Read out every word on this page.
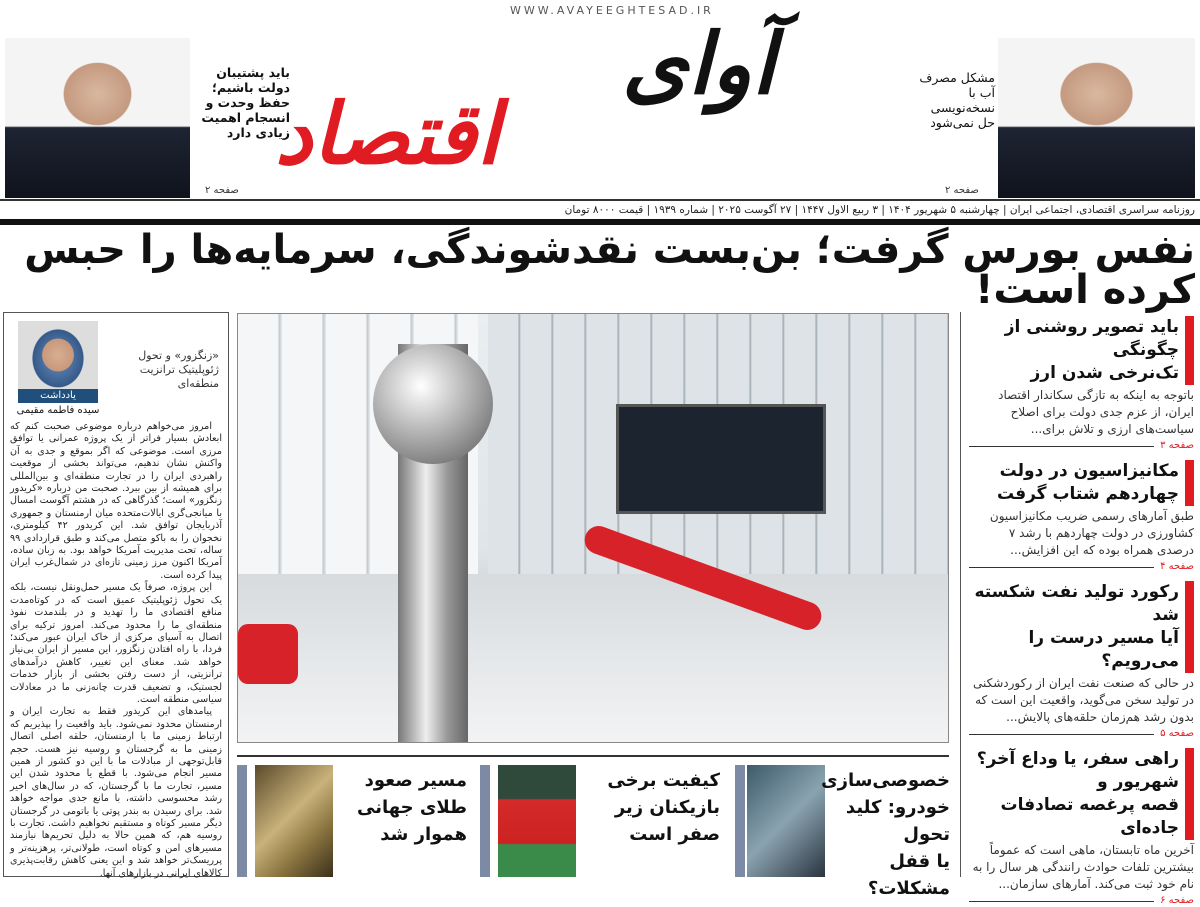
باید پشتیبان دولت باشیم؛ حفظ وحدت و انسجام اهمیت زیادی دارد
صفحه ۲
آوای
اقتصاد
WWW.AVAYEEGHTESAD.IR
مشکل مصرف آب با نسخه‌نویسی حل نمی‌شود
صفحه ۲
روزنامه سراسری اقتصادی، اجتماعی ایران | چهارشنبه ۵ شهریور ۱۴۰۴ | ۳ ربیع الاول ۱۴۴۷ | ۲۷ آگوست ۲۰۲۵ | شماره ۱۹۳۹ | قیمت ۸۰۰۰ تومان
نفس بورس گرفت؛ بن‌بست نقدشوندگی، سرمایه‌ها را حبس کرده است!
یادداشت
«زنگزور» و تحول ژئوپلیتیک ترانزیت منطقه‌ای
سیده فاطمه مقیمی

امروز می‌خواهم درباره موضوعی صحبت کنم که ابعادش بسیار فراتر از یک پروژه عمرانی یا توافق مرزی است. موضوعی که اگر بموقع و جدی به آن واکنش نشان ندهیم، می‌تواند بخشی از موقعیت راهبردی ایران را در تجارت منطقه‌ای و بین‌المللی برای همیشه از بین ببرد. صحبت من درباره «کریدور زنگزور» است؛ گذرگاهی که در هشتم آگوست امسال با میانجی‌گری ایالات‌متحده میان ارمنستان و جمهوری آذربایجان توافق شد. این کریدور ۴۲ کیلومتری، نخجوان را به باکو متصل می‌کند و طبق قراردادی ۹۹ ساله، تحت مدیریت آمریکا خواهد بود. به زبان ساده، آمریکا اکنون مرز زمینی تازه‌ای در شمال‌غرب ایران پیدا کرده است.

این پروژه، صرفاً یک مسیر حمل‌ونقل نیست، بلکه یک تحول ژئوپلیتیک عمیق است که در کوتاه‌مدت منافع اقتصادی ما را تهدید و در بلندمدت نفوذ منطقه‌ای ما را محدود می‌کند. امروز ترکیه برای اتصال به آسیای مرکزی از خاک ایران عبور می‌کند؛ فردا، با راه افتادن زنگزور، این مسیر از ایران بی‌نیاز خواهد شد. معنای این تغییر، کاهش درآمدهای ترانزیتی، از دست رفتن بخشی از بازار خدمات لجستیک، و تضعیف قدرت چانه‌زنی ما در معادلات سیاسی منطقه است.

پیامدهای این کریدور فقط به تجارت ایران و ارمنستان محدود نمی‌شود. باید واقعیت را بپذیریم که ارتباط زمینی ما با ارمنستان، حلقه اصلی اتصال زمینی ما به گرجستان و روسیه نیز هست. حجم قابل‌توجهی از مبادلات ما با این دو کشور از همین مسیر انجام می‌شود. با قطع یا محدود شدن این مسیر، تجارت ما با گرجستان، که در سال‌های اخیر رشد محسوسی داشته، با مانع جدی مواجه خواهد شد. برای رسیدن به بندر پوتی یا باتومی در گرجستان دیگر مسیر کوتاه و مستقیم نخواهیم داشت. تجارت با روسیه هم، که همین حالا به دلیل تحریم‌ها نیازمند مسیرهای امن و کوتاه است، طولانی‌تر، پرهزینه‌تر و پرریسک‌تر خواهد شد و این یعنی کاهش رقابت‌پذیری کالاهای ایرانی در بازارهای آنها.

خصوصی‌سازی
خودرو: کلید تحول
یا قفل مشکلات؟
کیفیت برخی
بازیکنان زیر
صفر است
مسیر صعود
طلای جهانی
هموار شد
باید تصویر روشنی از چگونگی
تک‌نرخی شدن ارز
باتوجه به اینکه به تازگی سکاندار اقتصاد
ایران، از عزم جدی دولت برای اصلاح
سیاست‌های ارزی و تلاش برای...
صفحه ۳
مکانیزاسیون در دولت
چهاردهم شتاب گرفت
طبق آمارهای رسمی ضریب مکانیزاسیون
کشاورزی در دولت چهاردهم با رشد ۷
درصدی همراه بوده که این افزایش...
صفحه ۴
رکورد تولید نفت شکسته شد
آیا مسیر درست را می‌رویم؟
در حالی که صنعت نفت ایران از رکوردشکنی
در تولید سخن می‌گوید، واقعیت این است که
بدون رشد هم‌زمان حلقه‌های پالایش...
صفحه ۵
راهی سفر، یا وداع آخر؟ شهریور و
قصه پرغصه تصادفات جاده‌ای
آخرین ماه تابستان، ماهی است که عموماً
بیشترین تلفات حوادث رانندگی هر سال را به
نام خود ثبت می‌کند. آمارهای سازمان...
صفحه ۶
